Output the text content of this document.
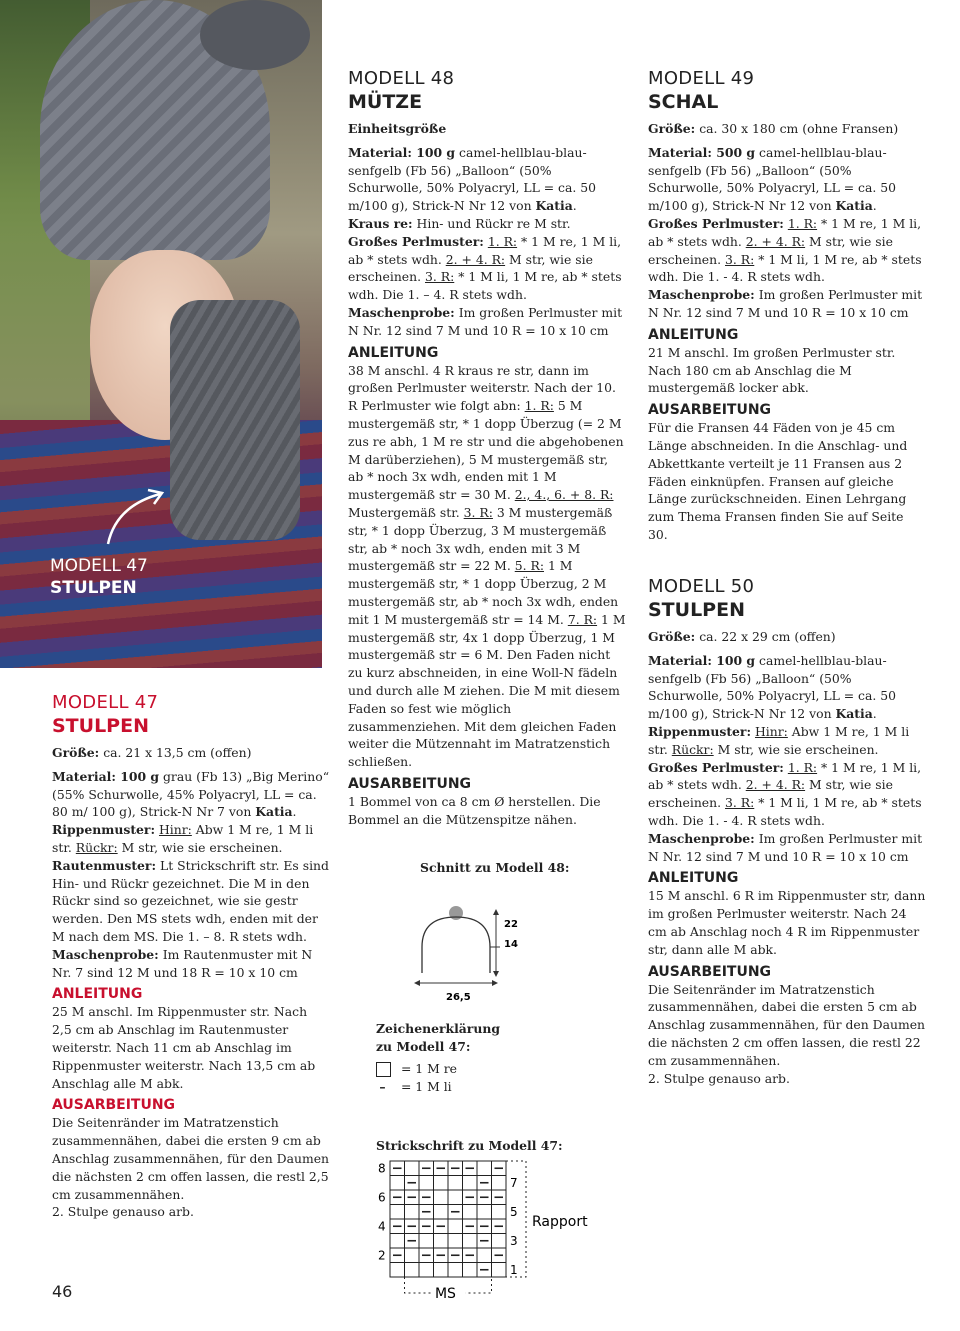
MODELL 47
STULPEN
MODELL 47
STULPEN

Größe: ca. 21 x 13,5 cm (offen)

Material: 100 g grau (Fb 13) „Big Merino“ (55% Schurwolle, 45% Polyacryl, LL = ca. 80 m/ 100 g), Strick-N Nr 7 von Katia.

Rippenmuster: Hinr: Abw 1 M re, 1 M li str. Rückr: M str, wie sie erscheinen.

Rautenmuster: Lt Strickschrift str. Es sind Hin- und Rückr gezeichnet. Die M in den Rückr sind so gezeichnet, wie sie gestr werden. Den MS stets wdh, enden mit der M nach dem MS. Die 1. – 8. R stets wdh.

Maschenprobe: Im Rautenmuster mit N Nr. 7 sind 12 M und 18 R = 10 x 10 cm

ANLEITUNG

25 M anschl. Im Rippenmuster str. Nach 2,5 cm ab Anschlag im Rautenmuster weiterstr. Nach 11 cm ab Anschlag im Rippenmuster weiterstr. Nach 13,5 cm ab Anschlag alle M abk.

AUSARBEITUNG

Die Seitenränder im Matratzenstich zusammennähen, dabei die ersten 9 cm ab Anschlag zusammennähen, für den Daumen die nächsten 2 cm offen lassen, die restl 2,5 cm zusammennähen.

2. Stulpe genauso arb.

MODELL 48
MÜTZE

Einheitsgröße

Material: 100 g camel-hellblau-blau-senfgelb (Fb 56) „Balloon“ (50% Schurwolle, 50% Polyacryl, LL = ca. 50 m/100 g), Strick-N Nr 12 von Katia.

Kraus re: Hin- und Rückr re M str.

Großes Perlmuster: 1. R: * 1 M re, 1 M li, ab * stets wdh. 2. + 4. R: M str, wie sie erscheinen. 3. R: * 1 M li, 1 M re, ab * stets wdh. Die 1. – 4. R stets wdh.

Maschenprobe: Im großen Perlmuster mit N Nr. 12 sind 7 M und 10 R = 10 x 10 cm

ANLEITUNG

38 M anschl. 4 R kraus re str, dann im großen Perlmuster weiterstr. Nach der 10. R Perlmuster wie folgt abn: 1. R: 5 M mustergemäß str, * 1 dopp Überzug (= 2 M zus re abh, 1 M re str und die abgehobenen M darüberziehen), 5 M mustergemäß str, ab * noch 3x wdh, enden mit 1 M mustergemäß str = 30 M. 2., 4., 6. + 8. R: Mustergemäß str. 3. R: 3 M mustergemäß str, * 1 dopp Überzug, 3 M mustergemäß str, ab * noch 3x wdh, enden mit 3 M mustergemäß str = 22 M. 5. R: 1 M mustergemäß str, * 1 dopp Überzug, 2 M mustergemäß str, ab * noch 3x wdh, enden mit 1 M mustergemäß str = 14 M. 7. R: 1 M mustergemäß str, 4x 1 dopp Überzug, 1 M mustergemäß str = 6 M. Den Faden nicht zu kurz abschneiden, in eine Woll-N fädeln und durch alle M ziehen. Die M mit diesem Faden so fest wie möglich zusammenziehen. Mit dem gleichen Faden weiter die Mützennaht im Matratzenstich schließen.

AUSARBEITUNG

1 Bommel von ca 8 cm Ø herstellen. Die Bommel an die Mützenspitze nähen.

Schnitt zu Modell 48:
22
14
26,5
Zeichenerklärung
zu Modell 47:
= 1 M re
– = 1 M li
Strickschrift zu Modell 47:
8
6
4
2
7
5
3
1
Rapport
MS
MODELL 49
SCHAL

Größe: ca. 30 x 180 cm (ohne Fransen)

Material: 500 g camel-hellblau-blau-senfgelb (Fb 56) „Balloon“ (50% Schurwolle, 50% Polyacryl, LL = ca. 50 m/100 g), Strick-N Nr 12 von Katia.

Großes Perlmuster: 1. R: * 1 M re, 1 M li, ab * stets wdh. 2. + 4. R: M str, wie sie erscheinen. 3. R: * 1 M li, 1 M re, ab * stets wdh. Die 1. - 4. R stets wdh.

Maschenprobe: Im großen Perlmuster mit N Nr. 12 sind 7 M und 10 R = 10 x 10 cm

ANLEITUNG

21 M anschl. Im großen Perlmuster str. Nach 180 cm ab Anschlag die M mustergemäß locker abk.

AUSARBEITUNG

Für die Fransen 44 Fäden von je 45 cm Länge abschneiden. In die Anschlag- und Abkettkante verteilt je 11 Fransen aus 2 Fäden einknüpfen. Fransen auf gleiche Länge zurückschneiden. Einen Lehrgang zum Thema Fransen finden Sie auf Seite 30.

MODELL 50
STULPEN

Größe: ca. 22 x 29 cm (offen)

Material: 100 g camel-hellblau-blau-senfgelb (Fb 56) „Balloon“ (50% Schurwolle, 50% Polyacryl, LL = ca. 50 m/100 g), Strick-N Nr 12 von Katia.

Rippenmuster: Hinr: Abw 1 M re, 1 M li str. Rückr: M str, wie sie erscheinen.

Großes Perlmuster: 1. R: * 1 M re, 1 M li, ab * stets wdh. 2. + 4. R: M str, wie sie erscheinen. 3. R: * 1 M li, 1 M re, ab * stets wdh. Die 1. - 4. R stets wdh.

Maschenprobe: Im großen Perlmuster mit N Nr. 12 sind 7 M und 10 R = 10 x 10 cm

ANLEITUNG

15 M anschl. 6 R im Rippenmuster str, dann im großen Perlmuster weiterstr. Nach 24 cm ab Anschlag noch 4 R im Rippenmuster str, dann alle M abk.

AUSARBEITUNG

Die Seitenränder im Matratzenstich zusammennähen, dabei die ersten 5 cm ab Anschlag zusammennähen, für den Daumen die nächsten 2 cm offen lassen, die restl 22 cm zusammennähen.

2. Stulpe genauso arb.

46
